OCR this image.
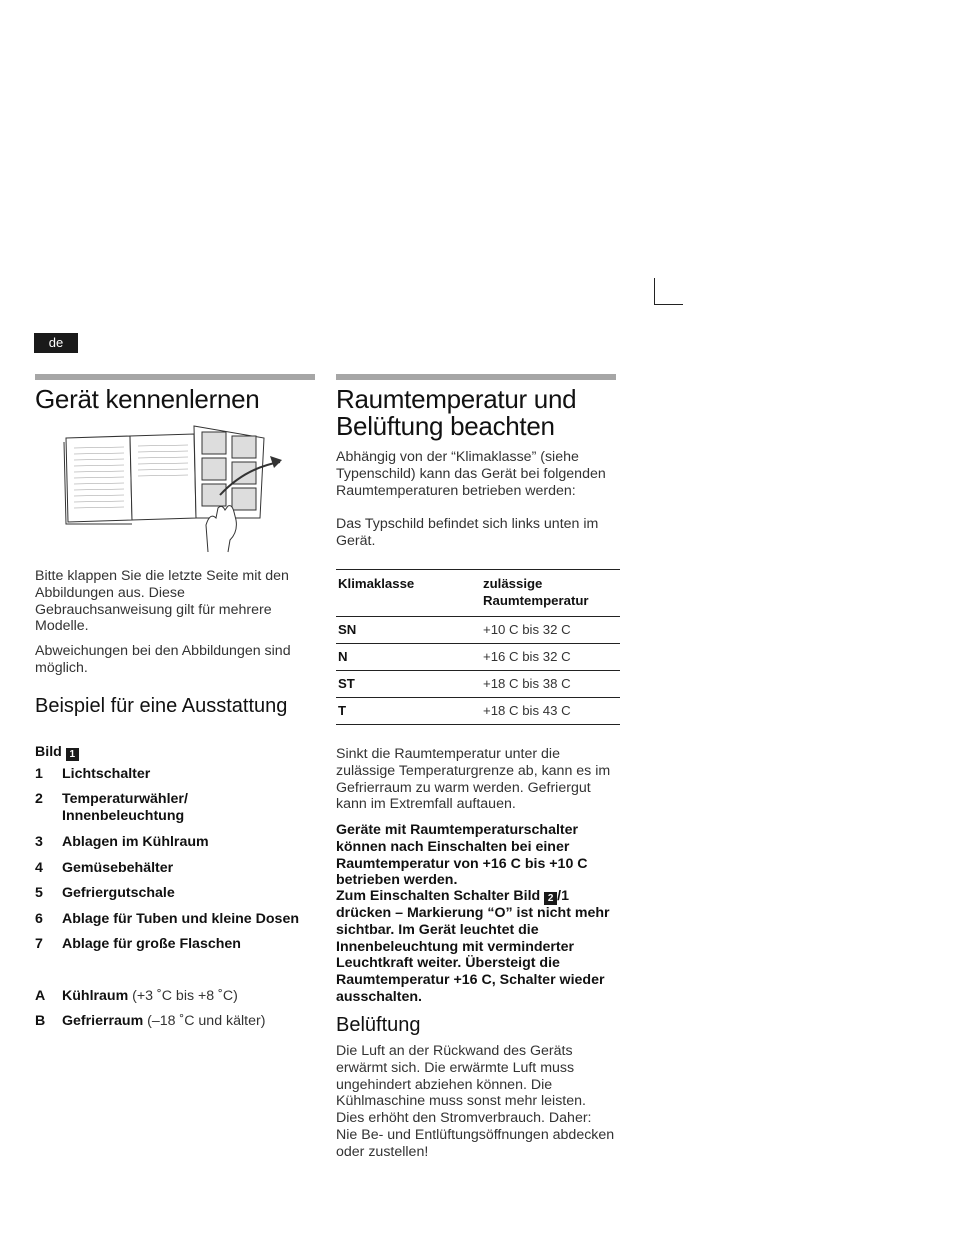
de
Gerät kennenlernen

Bitte klappen Sie die letzte Seite mit den Abbildungen aus. Diese Gebrauchsanweisung gilt für mehrere Modelle.

Abweichungen bei den Abbildungen sind möglich.

Beispiel für eine Ausstattung
Bild 1
1	Lichtschalter
2	Temperaturwähler/ Innenbeleuchtung
3	Ablagen im Kühlraum
4	Gemüsebehälter
5	Gefriergutschale
6	Ablage für Tuben und kleine Dosen
7	Ablage für große Flaschen
A	Kühlraum (+3 ˚C bis +8 ˚C)
B	Gefrierraum (–18 ˚C und kälter)
Raumtemperatur und
Belüftung beachten

Abhängig von der “Klimaklasse” (siehe Typenschild) kann das Gerät bei folgenden Raumtemperaturen betrieben werden:

Das Typschild befindet sich links unten im Gerät.

Klimaklasse	zulässige
Raumtemperatur

SN	+10 C bis 32 C
N	+16 C bis 32 C
ST	+18 C bis 38 C
T	+18 C bis 43 C

Sinkt die Raumtemperatur unter die zulässige Temperaturgrenze ab, kann es im Gefrierraum zu warm werden. Gefriergut kann im Extremfall auftauen.

Geräte mit Raumtemperaturschalter können nach Einschalten bei einer Raumtemperatur von +16 C bis +10 C betrieben werden.

Zum Einschalten Schalter Bild 2 /1 drücken – Markierung “O” ist nicht mehr sichtbar. Im Gerät leuchtet die Innenbeleuchtung mit verminderter Leuchtkraft weiter. Übersteigt die Raumtemperatur +16 C, Schalter wieder ausschalten.

Belüftung

Die Luft an der Rückwand des Geräts erwärmt sich. Die erwärmte Luft muss ungehindert abziehen können. Die Kühlmaschine muss sonst mehr leisten. Dies erhöht den Stromverbrauch. Daher: Nie Be- und Entlüftungsöffnungen abdecken oder zustellen!
